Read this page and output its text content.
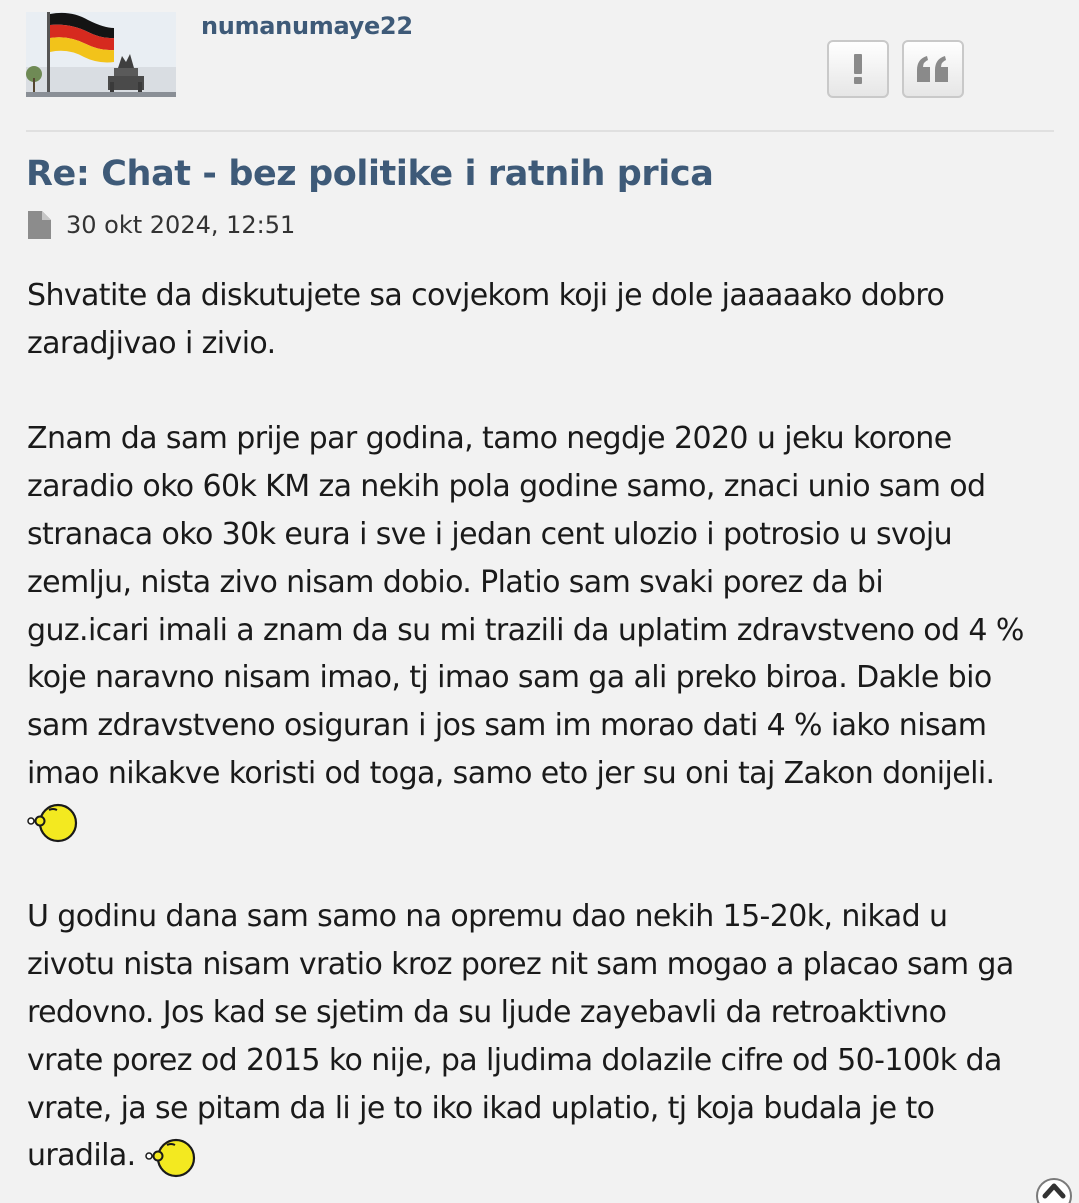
numanumaye22
Re: Chat - bez politike i ratnih prica
30 okt 2024, 12:51
Shvatite da diskutujete sa covjekom koji je dole jaaaaako dobro
zaradjivao i zivio.
Znam da sam prije par godina, tamo negdje 2020 u jeku korone
zaradio oko 60k KM za nekih pola godine samo, znaci unio sam od
stranaca oko 30k eura i sve i jedan cent ulozio i potrosio u svoju
zemlju, nista zivo nisam dobio. Platio sam svaki porez da bi
guz.icari imali a znam da su mi trazili da uplatim zdravstveno od 4 %
koje naravno nisam imao, tj imao sam ga ali preko biroa. Dakle bio
sam zdravstveno osiguran i jos sam im morao dati 4 % iako nisam
imao nikakve koristi od toga, samo eto jer su oni taj Zakon donijeli.
U godinu dana sam samo na opremu dao nekih 15-20k, nikad u
zivotu nista nisam vratio kroz porez nit sam mogao a placao sam ga
redovno. Jos kad se sjetim da su ljude zayebavli da retroaktivno
vrate porez od 2015 ko nije, pa ljudima dolazile cifre od 50-100k da
vrate, ja se pitam da li je to iko ikad uplatio, tj koja budala je to
uradila.
